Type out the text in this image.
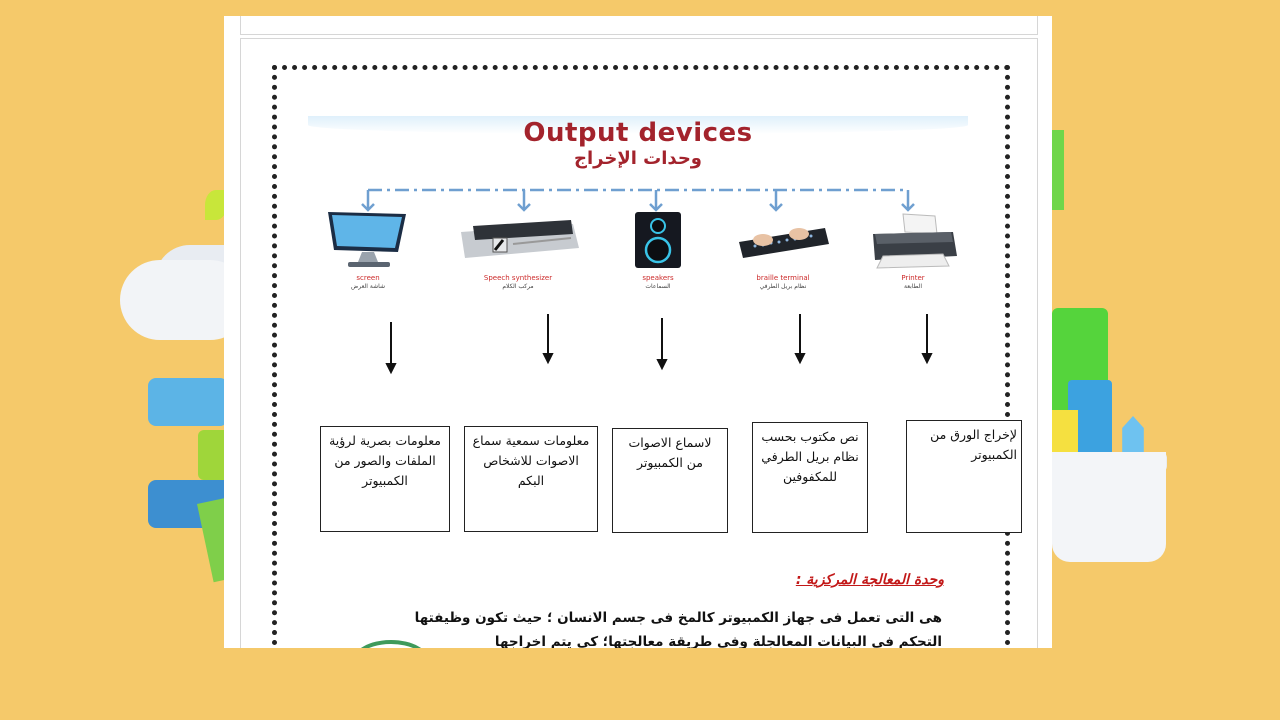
Output devices
وحدات الإخراج
screen
شاشة العرض
Speech synthesizer
مركب الكلام
speakers
السماعات
braille terminal
نظام بريل الطرفي
Printer
الطابعة
معلومات بصرية لرؤية الملفات والصور من الكمبيوتر
معلومات سمعية سماع الاصوات للاشخاص البكم
لاسماع الاصوات من الكمبيوتر
نص مكتوب بحسب نظام بريل الطرفي للمكفوفين
لإخراج الورق من الكمبيوتر
وحدة المعالجة المركزية :
هى التى تعمل فى جهاز الكمبيوتر كالمخ فى جسم الانسان ؛ حيث تكون وظيفتها
التحكم فى البيانات المعالجلة وفى طريقة معالجتها؛ كى يتم اخراجها
